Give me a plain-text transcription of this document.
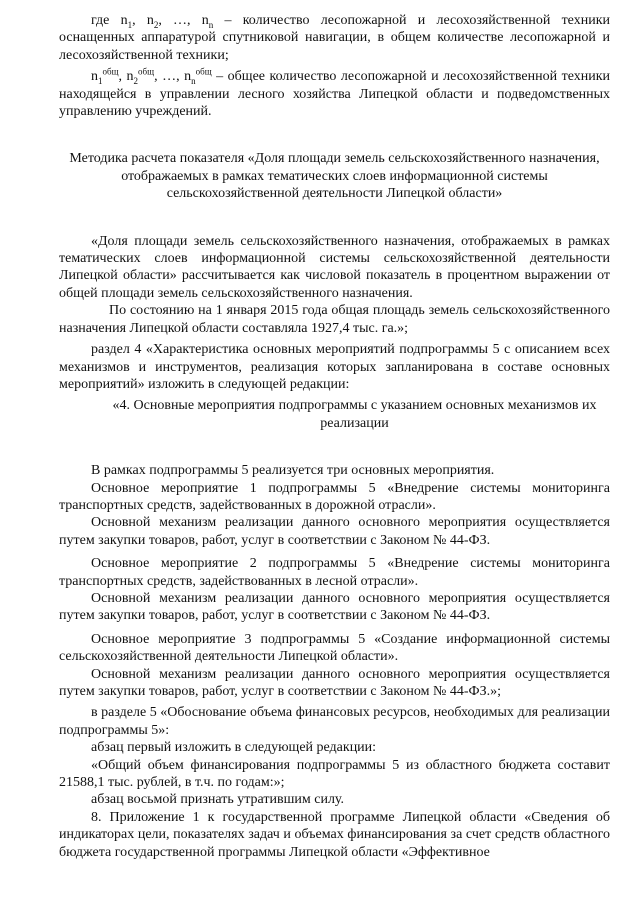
где $n_1$, $n_2$, …, $n_n$ – количество лесопожарной и лесохозяйственной техники оснащенных аппаратурой спутниковой навигации, в общем количестве лесопожарной и лесохозяйственной техники;

$n_1^{общ}$, $n_2^{общ}$, …, $n_n^{общ}$ – общее количество лесопожарной и лесохозяйственной техники находящейся в управлении лесного хозяйства Липецкой области и подведомственных управлению учреждений.

Методика расчета показателя «Доля площади земель сельскохозяйственного назначения, отображаемых в рамках тематических слоев информационной системы сельскохозяйственной деятельности Липецкой области»

«Доля площади земель сельскохозяйственного назначения, отображаемых в рамках тематических слоев информационной системы сельскохозяйственной деятельности Липецкой области» рассчитывается как числовой показатель в процентном выражении от общей площади земель сельскохозяйственного назначения.

По состоянию на 1 января 2015 года общая площадь земель сельскохозяйственного назначения Липецкой области составляла 1927,4 тыс. га.»;

раздел 4 «Характеристика основных мероприятий подпрограммы 5 с описанием всех механизмов и инструментов, реализация которых запланирована в составе основных мероприятий» изложить в следующей редакции:

«4. Основные мероприятия подпрограммы с указанием основных механизмов их реализации

В рамках подпрограммы 5 реализуется три основных мероприятия.

Основное мероприятие 1 подпрограммы 5 «Внедрение системы мониторинга транспортных средств, задействованных в дорожной отрасли».

Основной механизм реализации данного основного мероприятия осуществляется путем закупки товаров, работ, услуг в соответствии с Законом № 44-ФЗ.

Основное мероприятие 2 подпрограммы 5 «Внедрение системы мониторинга транспортных средств, задействованных в лесной отрасли».

Основной механизм реализации данного основного мероприятия осуществляется путем закупки товаров, работ, услуг в соответствии с Законом № 44-ФЗ.

Основное мероприятие 3 подпрограммы 5 «Создание информационной системы сельскохозяйственной деятельности Липецкой области».

Основной механизм реализации данного основного мероприятия осуществляется путем закупки товаров, работ, услуг в соответствии с Законом № 44-ФЗ.»;

в разделе 5 «Обоснование объема финансовых ресурсов, необходимых для реализации подпрограммы 5»:

абзац первый изложить в следующей редакции:

«Общий объем финансирования подпрограммы 5 из областного бюджета составит 21588,1 тыс. рублей, в т.ч. по годам:»;

абзац восьмой признать утратившим силу.

8. Приложение 1 к государственной программе Липецкой области «Сведения об индикаторах цели, показателях задач и объемах финансирования за счет средств областного бюджета государственной программы Липецкой области «Эффективное
